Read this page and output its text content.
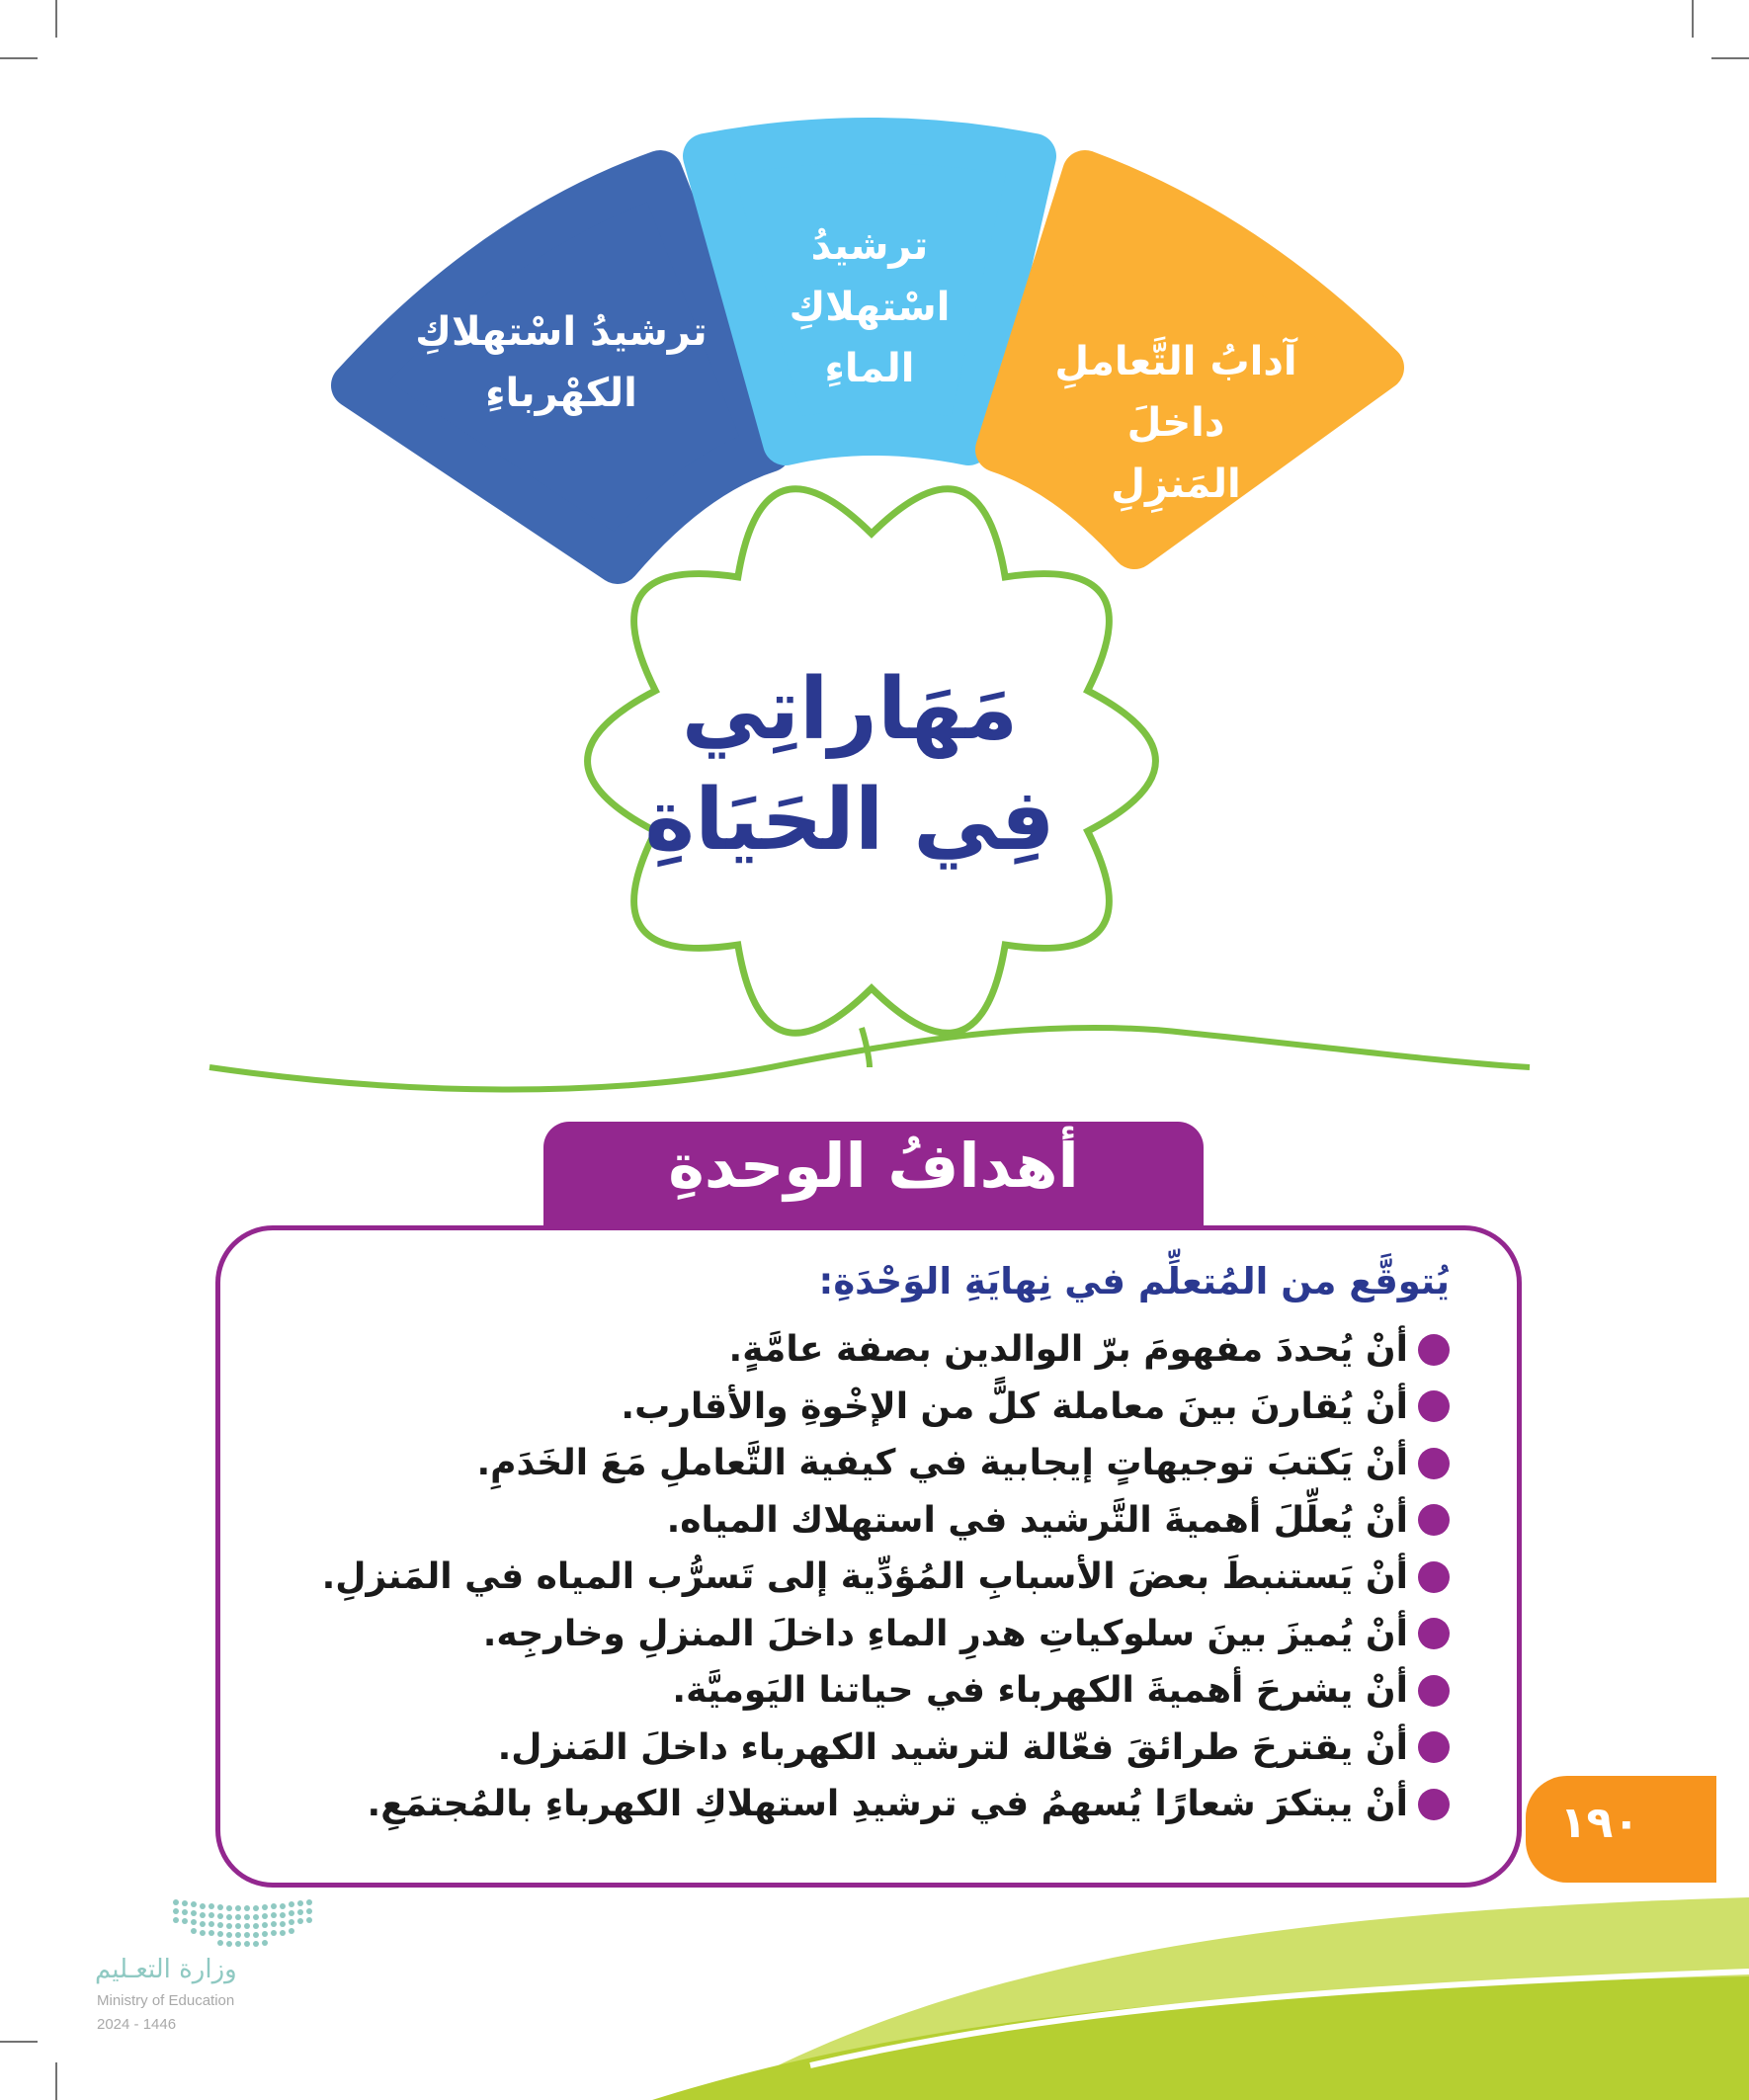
ترشيدُ اسْتهلاكِ
الكهْرباءِ
ترشيدُ اسْتهلاكِ
الماءِ	آدابُ التَّعاملِ داخلَ
المَنزِلِ
مَهَاراتِي
فِي الحَيَاةِ
أهدافُ الوحدةِ
يُتوقَّع من المُتعلِّم في نِهايَةِ الوَحْدَةِ:
أنْ يُحددَ مفهومَ برّ الوالدين بصفة عامَّةٍ.
أنْ يُقارنَ بينَ معاملة كلًّ من الإخْوةِ والأقارب.
أنْ يَكتبَ توجيهاتٍ إيجابية في كيفية التَّعاملِ مَعَ الخَدَمِ.
أنْ يُعلِّلَ أهميةَ التَّرشيد في استهلاك المياه.
أنْ يَستنبطَ بعضَ الأسبابِ المُؤدِّية إلى تَسرُّب المياه في المَنزلِ.
أنْ يُميزَ بينَ سلوكياتِ هدرِ الماءِ داخلَ المنزلِ وخارجِه.
أنْ يشرحَ أهميةَ الكهرباء في حياتنا اليَوميَّة.
أنْ يقترحَ طرائقَ فعّالة لترشيد الكهرباء داخلَ المَنزل.
أنْ يبتكرَ شعارًا يُسهمُ في ترشيدِ استهلاكِ الكهرباءِ بالمُجتمَعِ.	١٩٠
وزارة التعـليم
Ministry of Education
2024 - 1446
